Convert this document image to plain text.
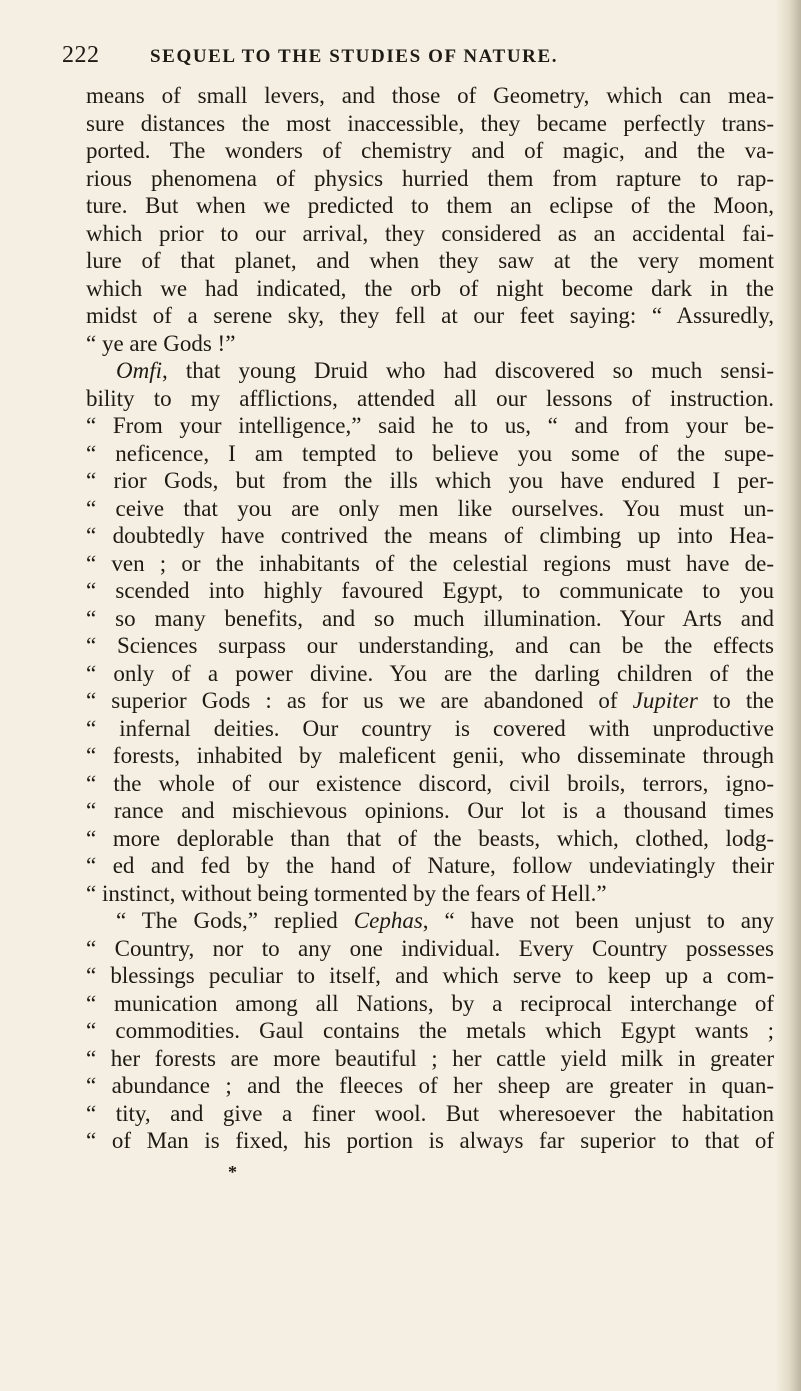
222	SEQUEL TO THE STUDIES OF NATURE.
means of small levers, and those of Geometry, which can mea-
sure distances the most inaccessible, they became perfectly trans-
ported. The wonders of chemistry and of magic, and the va-
rious phenomena of physics hurried them from rapture to rap-
ture. But when we predicted to them an eclipse of the Moon,
which prior to our arrival, they considered as an accidental fai-
lure of that planet, and when they saw at the very moment
which we had indicated, the orb of night become dark in the
midst of a serene sky, they fell at our feet saying: “ Assuredly,
“ ye are Gods !”
Omfi, that young Druid who had discovered so much sensi-
bility to my afflictions, attended all our lessons of instruction.
“ From your intelligence,” said he to us, “ and from your be-
“ neficence, I am tempted to believe you some of the supe-
“ rior Gods, but from the ills which you have endured I per-
“ ceive that you are only men like ourselves. You must un-
“ doubtedly have contrived the means of climbing up into Hea-
“ ven ; or the inhabitants of the celestial regions must have de-
“ scended into highly favoured Egypt, to communicate to you
“ so many benefits, and so much illumination. Your Arts and
“ Sciences surpass our understanding, and can be the effects
“ only of a power divine. You are the darling children of the
“ superior Gods : as for us we are abandoned of Jupiter to the
“ infernal deities. Our country is covered with unproductive
“ forests, inhabited by maleficent genii, who disseminate through
“ the whole of our existence discord, civil broils, terrors, igno-
“ rance and mischievous opinions. Our lot is a thousand times
“ more deplorable than that of the beasts, which, clothed, lodg-
“ ed and fed by the hand of Nature, follow undeviatingly their
“ instinct, without being tormented by the fears of Hell.”
“ The Gods,” replied Cephas, “ have not been unjust to any
“ Country, nor to any one individual. Every Country possesses
“ blessings peculiar to itself, and which serve to keep up a com-
“ munication among all Nations, by a reciprocal interchange of
“ commodities. Gaul contains the metals which Egypt wants ;
“ her forests are more beautiful ; her cattle yield milk in greater
“ abundance ; and the fleeces of her sheep are greater in quan-
“ tity, and give a finer wool. But wheresoever the habitation
“ of Man is fixed, his portion is always far superior to that of
*
